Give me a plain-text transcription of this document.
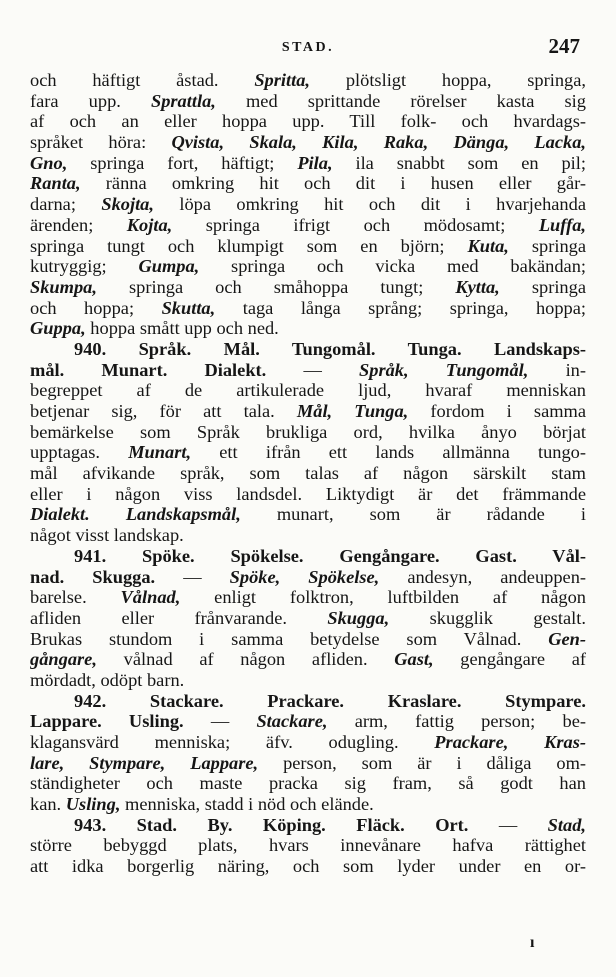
STAD.	247
och häftigt åstad. Spritta, plötsligt hoppa, springa,
fara upp. Sprattla, med sprittande rörelser kasta sig
af och an eller hoppa upp. Till folk- och hvardags-
språket höra: Qvista, Skala, Kila, Raka, Dänga, Lacka,
Gno, springa fort, häftigt; Pila, ila snabbt som en pil;
Ranta, ränna omkring hit och dit i husen eller går-
darna; Skojta, löpa omkring hit och dit i hvarjehanda
ärenden; Kojta, springa ifrigt och mödosamt; Luffa,
springa tungt och klumpigt som en björn; Kuta, springa
kutryggig; Gumpa, springa och vicka med bakändan;
Skumpa, springa och småhoppa tungt; Kytta, springa
och hoppa; Skutta, taga långa språng; springa, hoppa;
Guppa, hoppa smått upp och ned.
940. Språk. Mål. Tungomål. Tunga. Landskaps-
mål. Munart. Dialekt. — Språk, Tungomål, in-
begreppet af de artikulerade ljud, hvaraf menniskan
betjenar sig, för att tala. Mål, Tunga, fordom i samma
bemärkelse som Språk brukliga ord, hvilka ånyo börjat
upptagas. Munart, ett ifrån ett lands allmänna tungo-
mål afvikande språk, som talas af någon särskilt stam
eller i någon viss landsdel. Liktydigt är det främmande
Dialekt. Landskapsmål, munart, som är rådande i
något visst landskap.
941. Spöke. Spökelse. Gengångare. Gast. Vål-
nad. Skugga. — Spöke, Spökelse, andesyn, andeuppen-
barelse. Vålnad, enligt folktron, luftbilden af någon
afliden eller frånvarande. Skugga, skugglik gestalt.
Brukas stundom i samma betydelse som Vålnad. Gen-
gångare, vålnad af någon afliden. Gast, gengångare af
mördadt, odöpt barn.
942. Stackare. Prackare. Kraslare. Stympare.
Lappare. Usling. — Stackare, arm, fattig person; be-
klagansvärd menniska; äfv. odugling. Prackare, Kras-
lare, Stympare, Lappare, person, som är i dåliga om-
ständigheter och maste pracka sig fram, så godt han
kan. Usling, menniska, stadd i nöd och elände.
943. Stad. By. Köping. Fläck. Ort. — Stad,
större bebyggd plats, hvars innevånare hafva rättighet
att idka borgerlig näring, och som lyder under en or-
ı
